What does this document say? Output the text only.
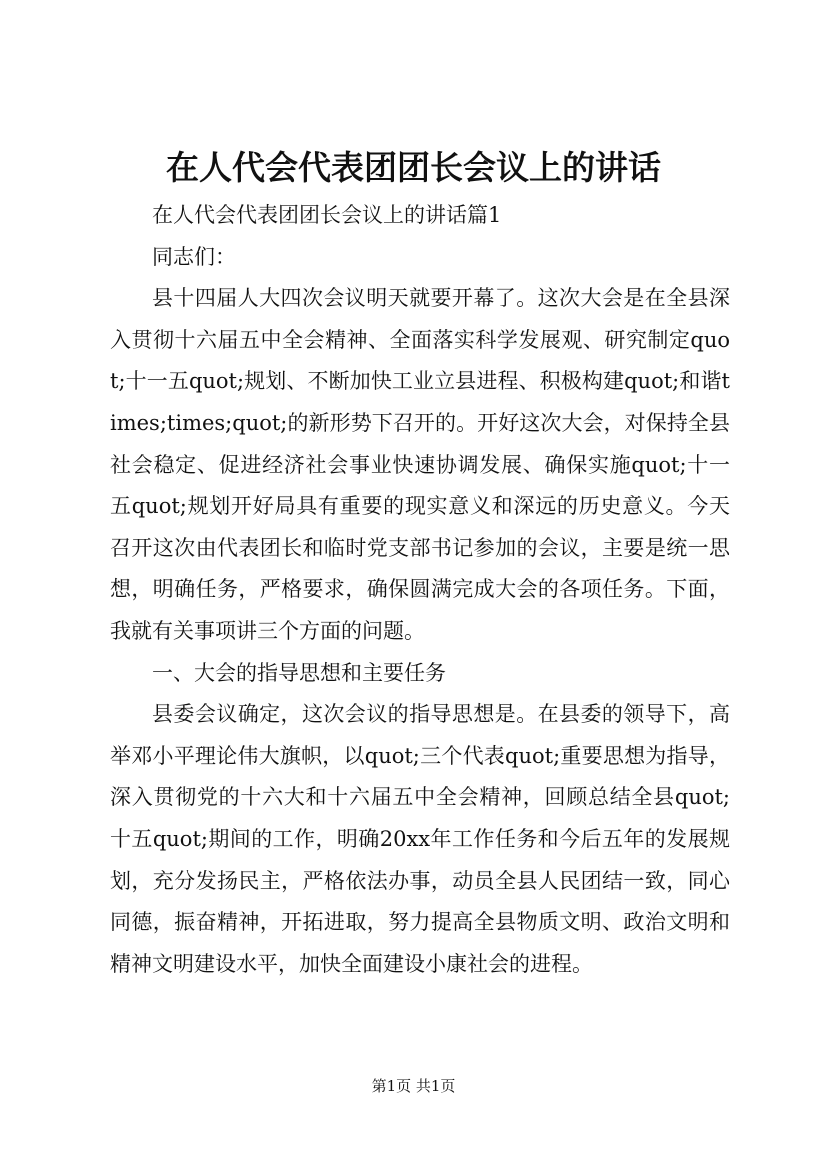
在人代会代表团团长会议上的讲话

在人代会代表团团长会议上的讲话篇1

同志们：

县十四届人大四次会议明天就要开幕了。这次大会是在全县深入贯彻十六届五中全会精神、全面落实科学发展观、研究制定quot;十一五quot;规划、不断加快工业立县进程、积极构建quot;和谐times;times;quot;的新形势下召开的。开好这次大会，对保持全县社会稳定、促进经济社会事业快速协调发展、确保实施quot;十一五quot;规划开好局具有重要的现实意义和深远的历史意义。今天召开这次由代表团长和临时党支部书记参加的会议，主要是统一思想，明确任务，严格要求，确保圆满完成大会的各项任务。下面，我就有关事项讲三个方面的问题。

一、大会的指导思想和主要任务

县委会议确定，这次会议的指导思想是。在县委的领导下，高举邓小平理论伟大旗帜，以quot;三个代表quot;重要思想为指导，深入贯彻党的十六大和十六届五中全会精神，回顾总结全县quot;十五quot;期间的工作，明确20xx年工作任务和今后五年的发展规划，充分发扬民主，严格依法办事，动员全县人民团结一致，同心同德，振奋精神，开拓进取，努力提高全县物质文明、政治文明和精神文明建设水平，加快全面建设小康社会的进程。

第1页 共1页
